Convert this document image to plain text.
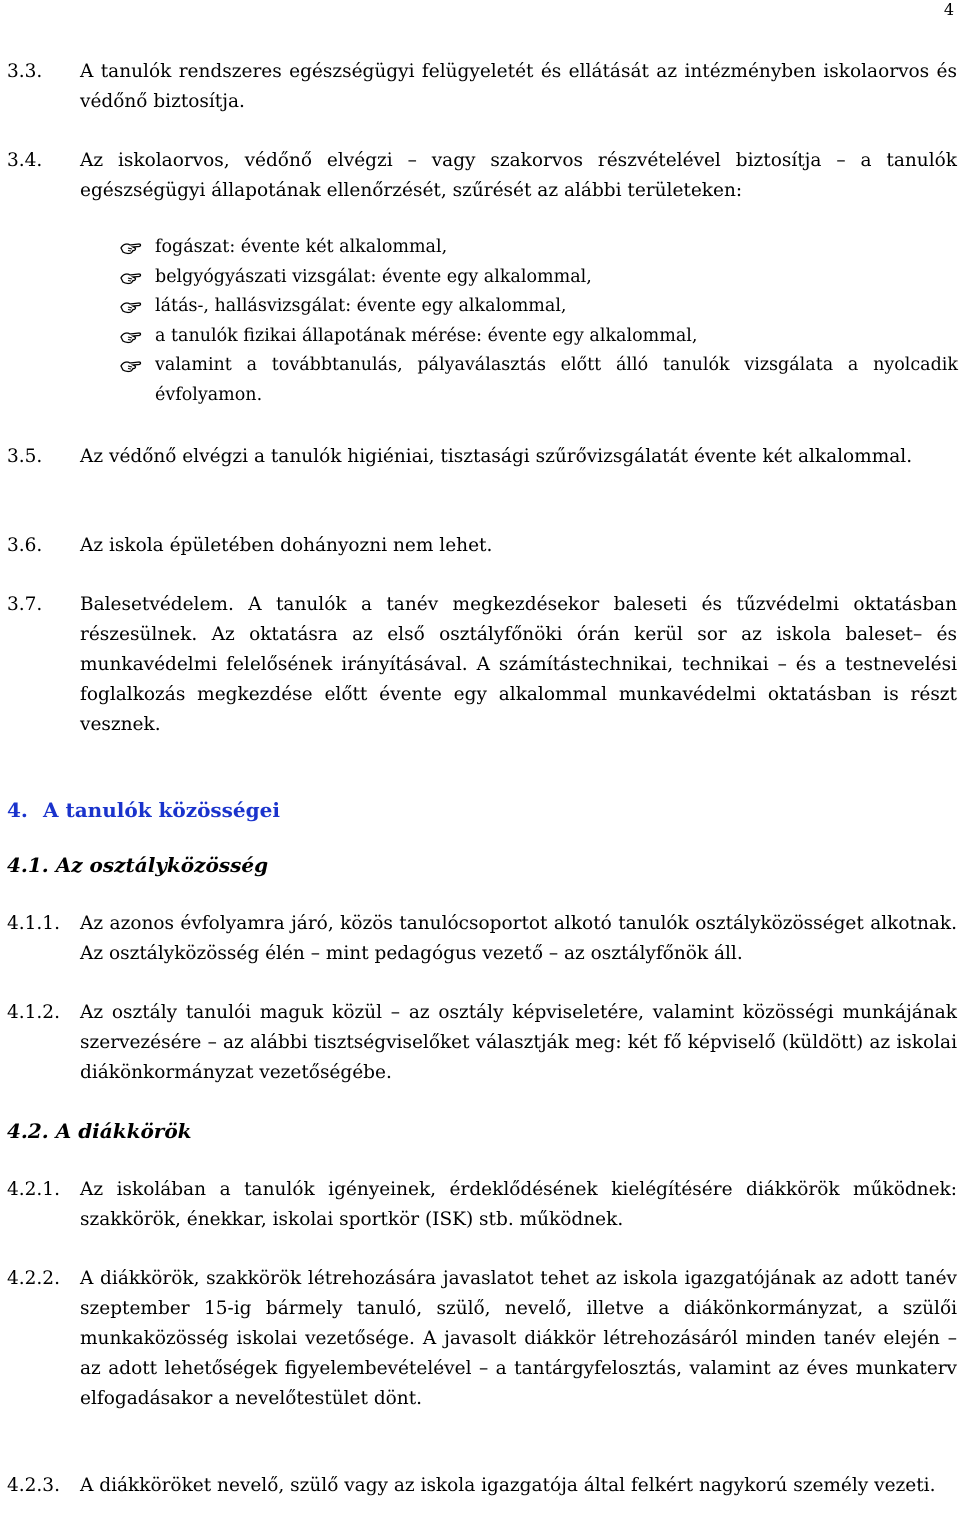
4
3.3. A tanulók rendszeres egészségügyi felügyeletét és ellátását az intézményben iskolaorvos és védőnő biztosítja.
3.4. Az iskolaorvos, védőnő elvégzi – vagy szakorvos részvételével biztosítja – a tanulók egészségügyi állapotának ellenőrzését, szűrését az alábbi területeken:
fogászat: évente két alkalommal,
belgyógyászati vizsgálat: évente egy alkalommal,
látás-, hallásvizsgálat: évente egy alkalommal,
a tanulók fizikai állapotának mérése: évente egy alkalommal,
valamint a továbbtanulás, pályaválasztás előtt álló tanulók vizsgálata a nyolcadik évfolyamon.
3.5. Az védőnő elvégzi a tanulók higiéniai, tisztasági szűrővizsgálatát évente két alkalommal.
3.6. Az iskola épületében dohányozni nem lehet.
3.7. Balesetvédelem. A tanulók a tanév megkezdésekor baleseti és tűzvédelmi oktatásban részesülnek. Az oktatásra az első osztályfőnöki órán kerül sor az iskola baleset– és munkavédelmi felelősének irányításával. A számítástechnikai, technikai – és a testnevelési foglalkozás megkezdése előtt évente egy alkalommal munkavédelmi oktatásban is részt vesznek.
4. A tanulók közösségei
4.1. Az osztályközösség
4.1.1. Az azonos évfolyamra járó, közös tanulócsoportot alkotó tanulók osztályközösséget alkotnak. Az osztályközösség élén – mint pedagógus vezető – az osztályfőnök áll.
4.1.2. Az osztály tanulói maguk közül – az osztály képviseletére, valamint közösségi munkájának szervezésére – az alábbi tisztségviselőket választják meg: két fő képviselő (küldött) az iskolai diákönkormányzat vezetőségébe.
4.2. A diákkörök
4.2.1. Az iskolában a tanulók igényeinek, érdeklődésének kielégítésére diákkörök működnek: szakkörök, énekkar, iskolai sportkör (ISK) stb. működnek.
4.2.2. A diákkörök, szakkörök létrehozására javaslatot tehet az iskola igazgatójának az adott tanév szeptember 15-ig bármely tanuló, szülő, nevelő, illetve a diákönkormányzat, a szülői munkaközösség iskolai vezetősége. A javasolt diákkör létrehozásáról minden tanév elején – az adott lehetőségek figyelembevételével – a tantárgyfelosztás, valamint az éves munkaterv elfogadásakor a nevelőtestület dönt.
4.2.3. A diákköröket nevelő, szülő vagy az iskola igazgatója által felkért nagykorú személy vezeti.
